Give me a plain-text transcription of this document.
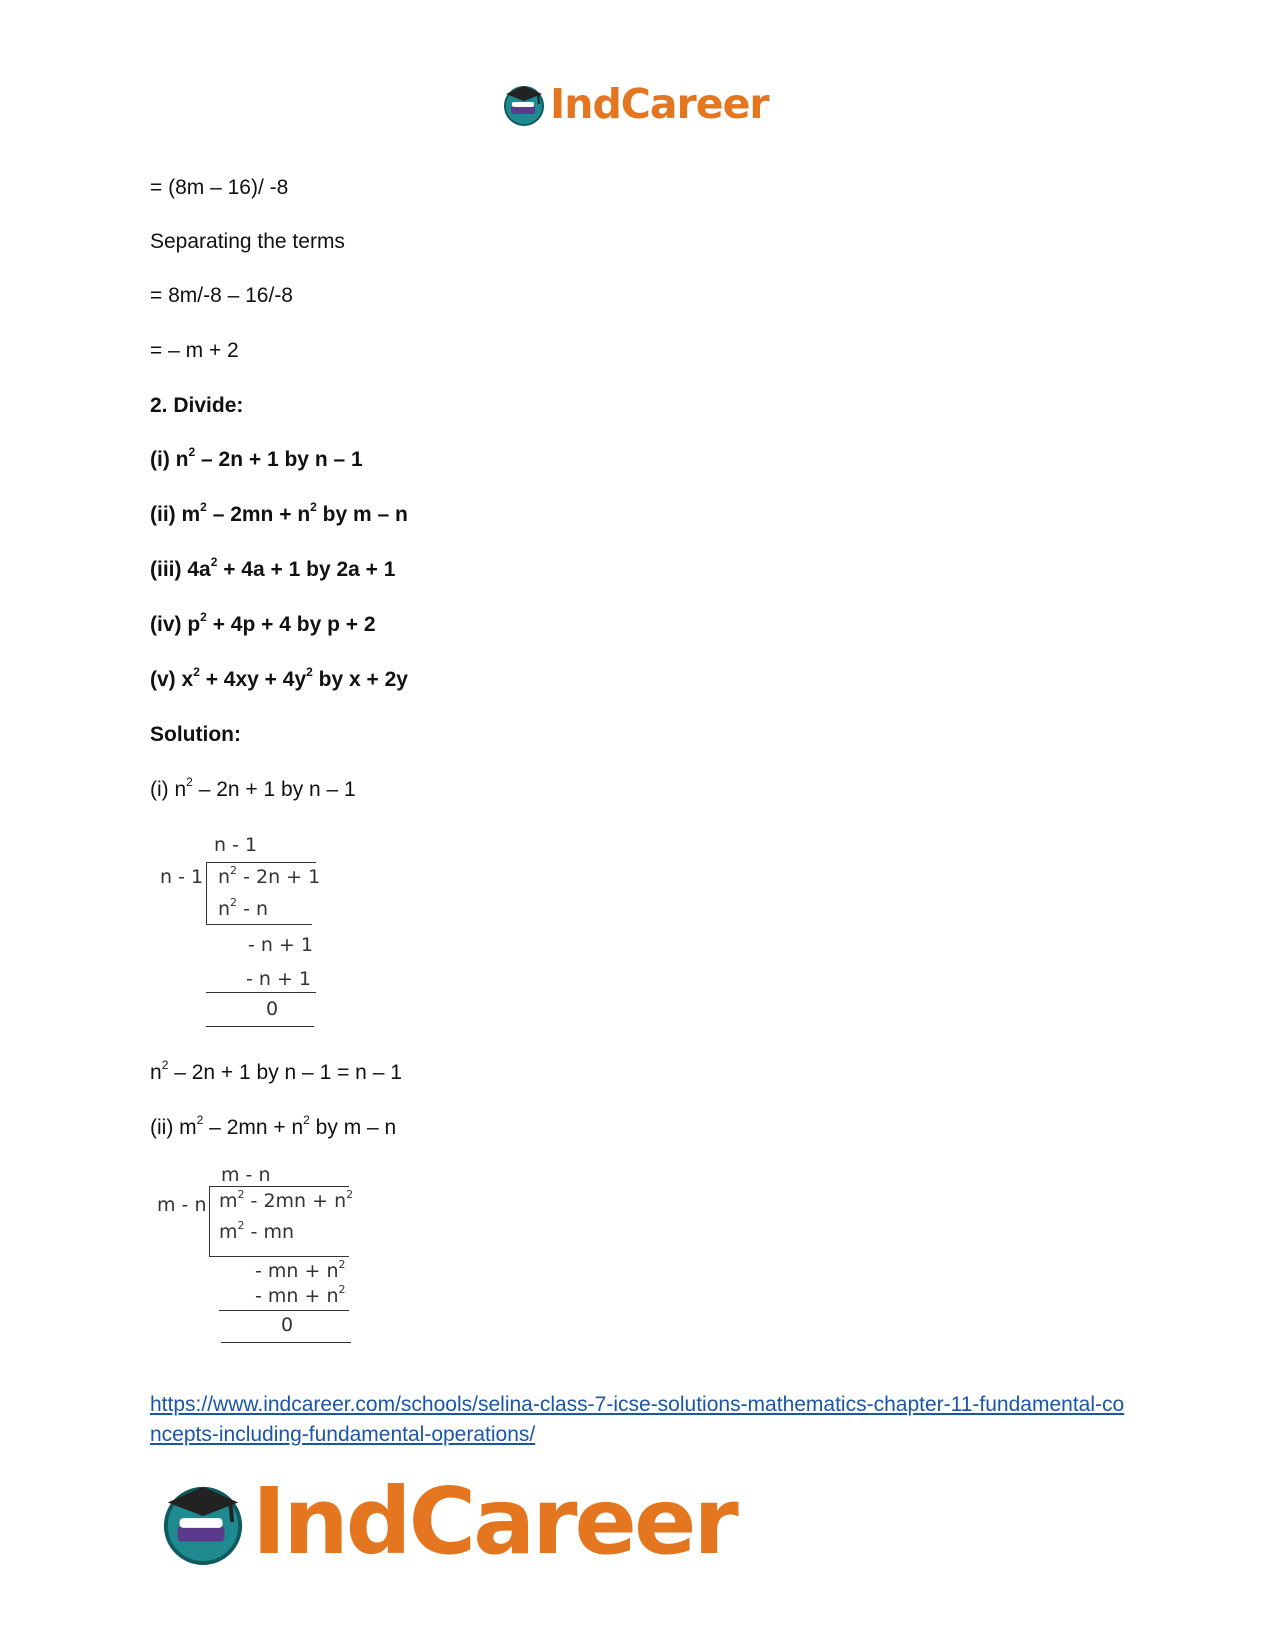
IndCareer
= (8m – 16)/ -8
Separating the terms
= 8m/-8 – 16/-8
= – m + 2
2. Divide:
(i) $n^2 - 2n + 1$ by n – 1
(ii) $m^2 - 2mn + n^2$ by m – n
(iii) $4a^2 + 4a + 1$ by 2a + 1
(iv) $p^2 + 4p + 4$ by p + 2
(v) $x^2 + 4xy + 4y^2$ by x + 2y
Solution:
(i) $n^2 - 2n + 1$ by n – 1
n - 1
n - 1 $n^2 - 2n + 1$
$n^2$ - n
- n + 1
- n + 1
0
$n^2 - 2n + 1$ by n – 1 = n – 1
(ii) $m^2 - 2mn + n^2$ by m – n
m - n
m - n $m^2 - 2mn + n^2$
$m^2$ - mn
- mn + $n^2$
- mn + $n^2$
0
https://www.indcareer.com/schools/selina-class-7-icse-solutions-mathematics-chapter-11-fundamental-concepts-including-fundamental-operations/
IndCareer
